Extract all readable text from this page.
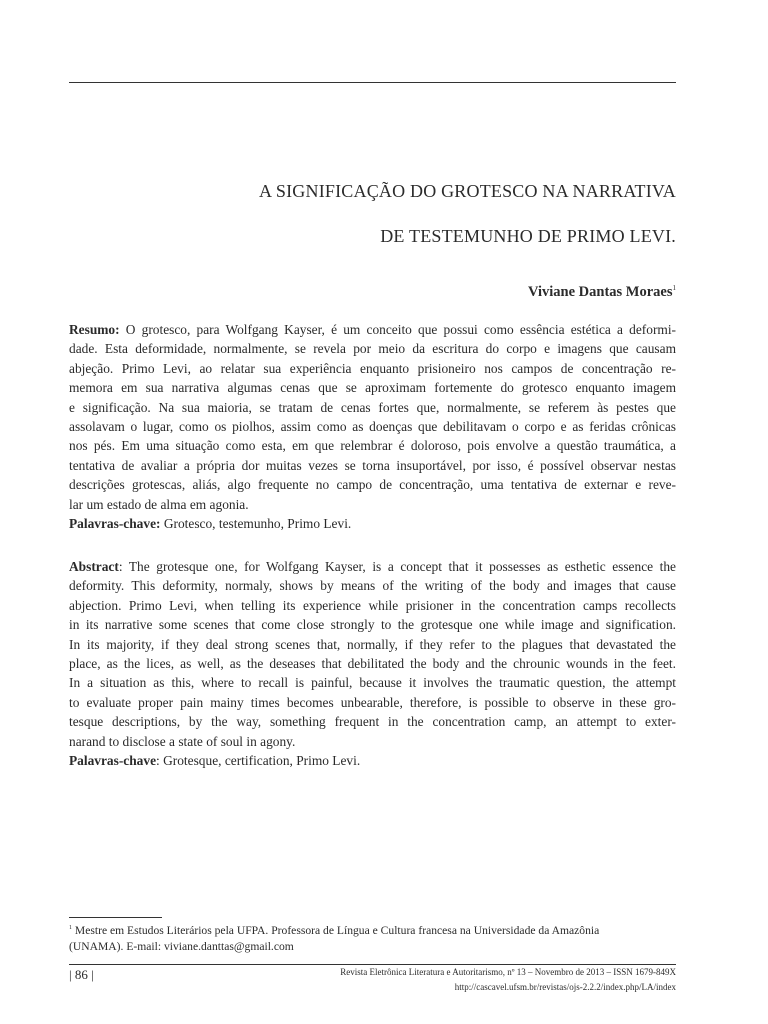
A SIGNIFICAÇÃO DO GROTESCO NA NARRATIVA
DE TESTEMUNHO DE PRIMO LEVI.
Viviane Dantas Moraes$^1$
Resumo: O grotesco, para Wolfgang Kayser, é um conceito que possui como essência estética a deformi-
dade. Esta deformidade, normalmente, se revela por meio da escritura do corpo e imagens que causam
abjeção. Primo Levi, ao relatar sua experiência enquanto prisioneiro nos campos de concentração re-
memora em sua narrativa algumas cenas que se aproximam fortemente do grotesco enquanto imagem
e significação. Na sua maioria, se tratam de cenas fortes que, normalmente, se referem às pestes que
assolavam o lugar, como os piolhos, assim como as doenças que debilitavam o corpo e as feridas crônicas
nos pés. Em uma situação como esta, em que relembrar é doloroso, pois envolve a questão traumática, a
tentativa de avaliar a própria dor muitas vezes se torna insuportável, por isso, é possível observar nestas
descrições grotescas, aliás, algo frequente no campo de concentração, uma tentativa de externar e reve-
lar um estado de alma em agonia.
Palavras-chave: Grotesco, testemunho, Primo Levi.
Abstract: The grotesque one, for Wolfgang Kayser, is a concept that it possesses as esthetic essence the
deformity. This deformity, normaly, shows by means of the writing of the body and images that cause
abjection. Primo Levi, when telling its experience while prisioner in the concentration camps recollects
in its narrative some scenes that come close strongly to the grotesque one while image and signification.
In its majority, if they deal strong scenes that, normally, if they refer to the plagues that devastated the
place, as the lices, as well, as the deseases that debilitated the body and the chrounic wounds in the feet.
In a situation as this, where to recall is painful, because it involves the traumatic question, the attempt
to evaluate proper pain mainy times becomes unbearable, therefore, is possible to observe in these gro-
tesque descriptions, by the way, something frequent in the concentration camp, an attempt to exter-
narand to disclose a state of soul in agony.
Palavras-chave: Grotesque, certification, Primo Levi.
$^1$ Mestre em Estudos Literários pela UFPA. Professora de Língua e Cultura francesa na Universidade da Amazônia
(UNAMA). E-mail: viviane.danttas@gmail.com
| 86 |	Revista Eletrônica Literatura e Autoritarismo, nº 13 – Novembro de 2013 – ISSN 1679-849X
http://cascavel.ufsm.br/revistas/ojs-2.2.2/index.php/LA/index
